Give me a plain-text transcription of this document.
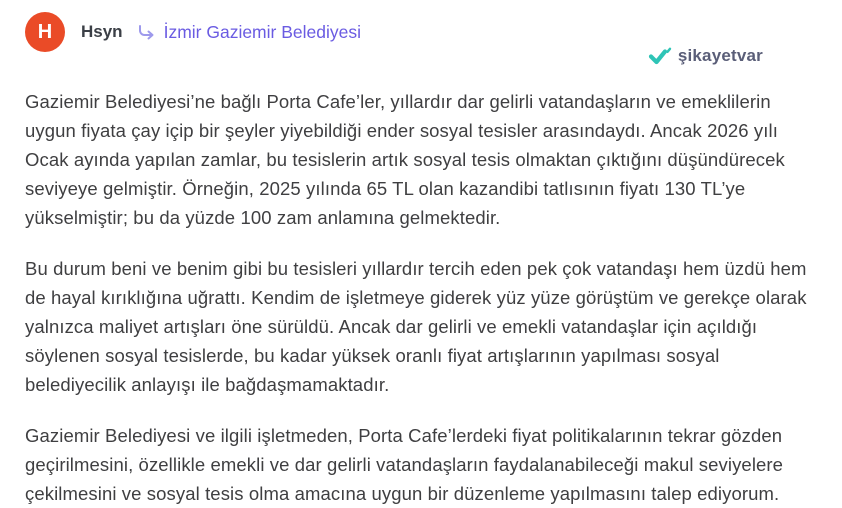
H Hsyn İzmir Gaziemir Belediyesi
şikayetvar

Gaziemir Belediyesi’ne bağlı Porta Cafe’ler, yıllardır dar gelirli vatandaşların ve emeklilerin uygun fiyata çay içip bir şeyler yiyebildiği ender sosyal tesisler arasındaydı. Ancak 2026 yılı Ocak ayında yapılan zamlar, bu tesislerin artık sosyal tesis olmaktan çıktığını düşündürecek seviyeye gelmiştir. Örneğin, 2025 yılında 65 TL olan kazandibi tatlısının fiyatı 130 TL’ye yükselmiştir; bu da yüzde 100 zam anlamına gelmektedir.

Bu durum beni ve benim gibi bu tesisleri yıllardır tercih eden pek çok vatandaşı hem üzdü hem de hayal kırıklığına uğrattı. Kendim de işletmeye giderek yüz yüze görüştüm ve gerekçe olarak yalnızca maliyet artışları öne sürüldü. Ancak dar gelirli ve emekli vatandaşlar için açıldığı söylenen sosyal tesislerde, bu kadar yüksek oranlı fiyat artışlarının yapılması sosyal belediyecilik anlayışı ile bağdaşmamaktadır.

Gaziemir Belediyesi ve ilgili işletmeden, Porta Cafe’lerdeki fiyat politikalarının tekrar gözden geçirilmesini, özellikle emekli ve dar gelirli vatandaşların faydalanabileceği makul seviyelere çekilmesini ve sosyal tesis olma amacına uygun bir düzenleme yapılmasını talep ediyorum.
